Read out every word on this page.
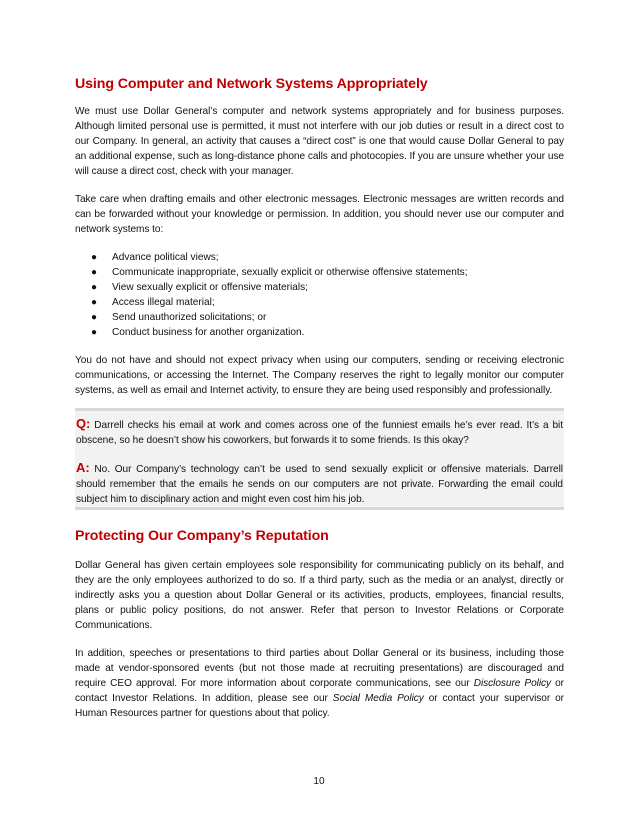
Using Computer and Network Systems Appropriately

We must use Dollar General’s computer and network systems appropriately and for business purposes. Although limited personal use is permitted, it must not interfere with our job duties or result in a direct cost to our Company. In general, an activity that causes a “direct cost” is one that would cause Dollar General to pay an additional expense, such as long-distance phone calls and photocopies. If you are unsure whether your use will cause a direct cost, check with your manager.

Take care when drafting emails and other electronic messages. Electronic messages are written records and can be forwarded without your knowledge or permission. In addition, you should never use our computer and network systems to:

● Advance political views;
● Communicate inappropriate, sexually explicit or otherwise offensive statements;
● View sexually explicit or offensive materials;
● Access illegal material;
● Send unauthorized solicitations; or
● Conduct business for another organization.

You do not have and should not expect privacy when using our computers, sending or receiving electronic communications, or accessing the Internet. The Company reserves the right to legally monitor our computer systems, as well as email and Internet activity, to ensure they are being used responsibly and professionally.

Q: Darrell checks his email at work and comes across one of the funniest emails he’s ever read. It’s a bit obscene, so he doesn’t show his coworkers, but forwards it to some friends. Is this okay?

A: No. Our Company’s technology can’t be used to send sexually explicit or offensive materials. Darrell should remember that the emails he sends on our computers are not private. Forwarding the email could subject him to disciplinary action and might even cost him his job.

Protecting Our Company’s Reputation

Dollar General has given certain employees sole responsibility for communicating publicly on its behalf, and they are the only employees authorized to do so. If a third party, such as the media or an analyst, directly or indirectly asks you a question about Dollar General or its activities, products, employees, financial results, plans or public policy positions, do not answer. Refer that person to Investor Relations or Corporate Communications.

In addition, speeches or presentations to third parties about Dollar General or its business, including those made at vendor-sponsored events (but not those made at recruiting presentations) are discouraged and require CEO approval. For more information about corporate communications, see our Disclosure Policy or contact Investor Relations. In addition, please see our Social Media Policy or contact your supervisor or Human Resources partner for questions about that policy.

10
